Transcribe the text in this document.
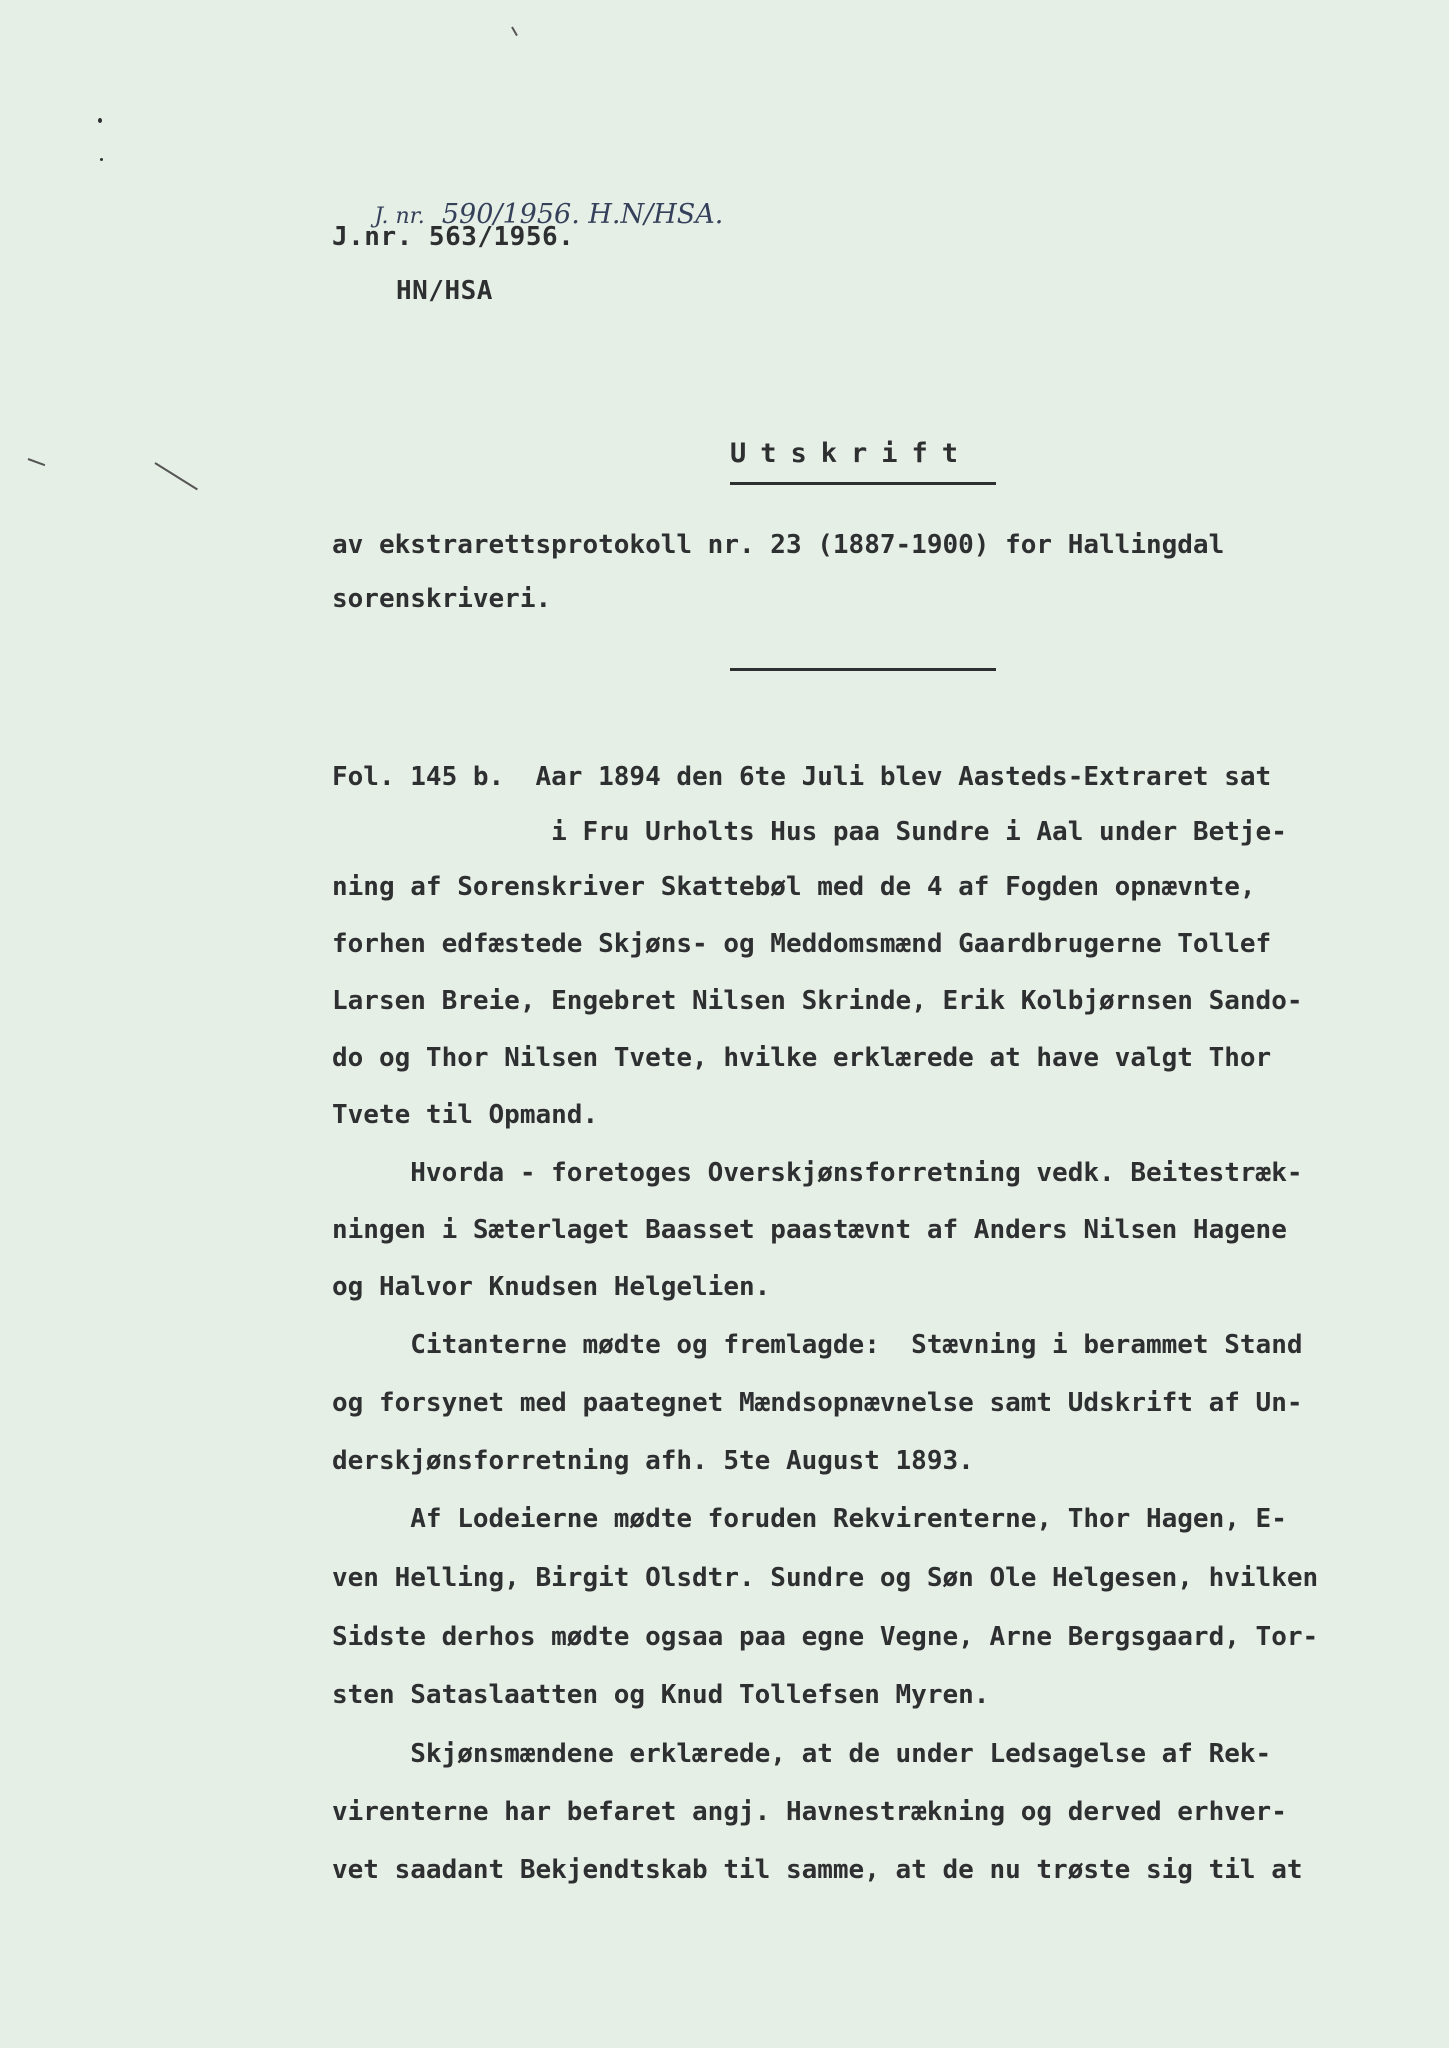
J. nr. 590/1956. H.N/HSA.

J.nr. 563/1956.
HN/HSA
Utskrift
av ekstrarettsprotokoll nr. 23 (1887-1900) for Hallingdal
sorenskriveri.
Fol. 145 b.  Aar 1894 den 6te Juli blev Aasteds-Extraret sat
i Fru Urholts Hus paa Sundre i Aal under Betje-
ning af Sorenskriver Skattebøl med de 4 af Fogden opnævnte,
forhen edfæstede Skjøns- og Meddomsmænd Gaardbrugerne Tollef
Larsen Breie, Engebret Nilsen Skrinde, Erik Kolbjørnsen Sando-
do og Thor Nilsen Tvete, hvilke erklærede at have valgt Thor
Tvete til Opmand.
Hvorda - foretoges Overskjønsforretning vedk. Beitestræk-
ningen i Sæterlaget Baasset paastævnt af Anders Nilsen Hagene
og Halvor Knudsen Helgelien.
Citanterne mødte og fremlagde:  Stævning i berammet Stand
og forsynet med paategnet Mændsopnævnelse samt Udskrift af Un-
derskjønsforretning afh. 5te August 1893.
Af Lodeierne mødte foruden Rekvirenterne, Thor Hagen, E-
ven Helling, Birgit Olsdtr. Sundre og Søn Ole Helgesen, hvilken
Sidste derhos mødte ogsaa paa egne Vegne, Arne Bergsgaard, Tor-
sten Sataslaatten og Knud Tollefsen Myren.
Skjønsmændene erklærede, at de under Ledsagelse af Rek-
virenterne har befaret angj. Havnestrækning og derved erhver-
vet saadant Bekjendtskab til samme, at de nu trøste sig til at
